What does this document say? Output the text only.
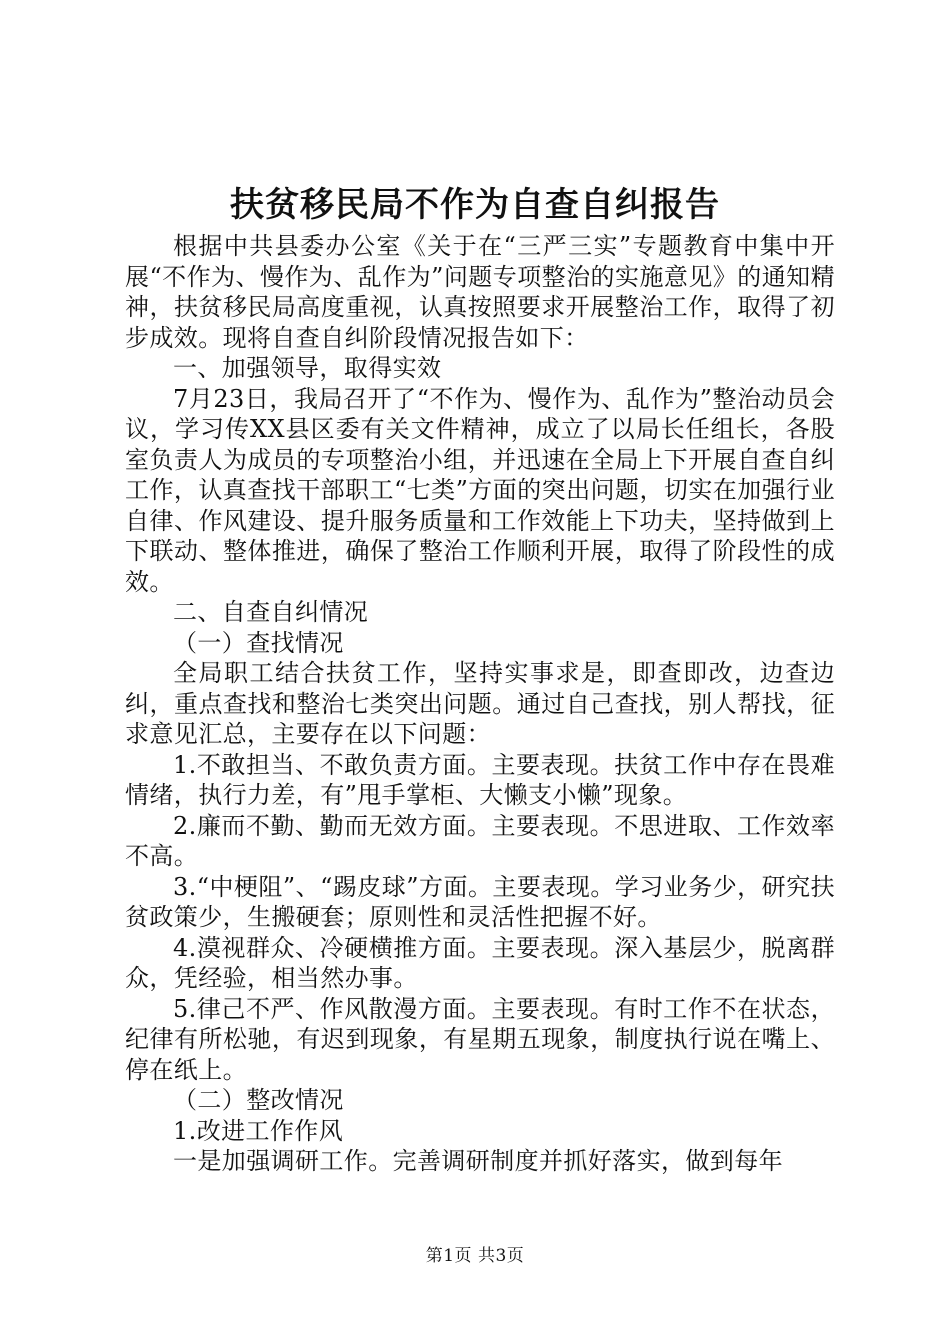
扶贫移民局不作为自查自纠报告

根据中共县委办公室《关于在“三严三实”专题教育中集中开展“不作为、慢作为、乱作为”问题专项整治的实施意见》的通知精神，扶贫移民局高度重视，认真按照要求开展整治工作，取得了初步成效。现将自查自纠阶段情况报告如下：

一、加强领导，取得实效

7月23日，我局召开了“不作为、慢作为、乱作为”整治动员会议，学习传XX县区委有关文件精神，成立了以局长任组长，各股室负责人为成员的专项整治小组，并迅速在全局上下开展自查自纠工作，认真查找干部职工“七类”方面的突出问题，切实在加强行业自律、作风建设、提升服务质量和工作效能上下功夫，坚持做到上下联动、整体推进，确保了整治工作顺利开展，取得了阶段性的成效。

二、自查自纠情况

（一）查找情况

全局职工结合扶贫工作，坚持实事求是，即查即改，边查边纠，重点查找和整治七类突出问题。通过自己查找，别人帮找，征求意见汇总，主要存在以下问题：

1.不敢担当、不敢负责方面。主要表现。扶贫工作中存在畏难情绪，执行力差，有”甩手掌柜、大懒支小懒”现象。

2.廉而不勤、勤而无效方面。主要表现。不思进取、工作效率不高。

3.“中梗阻”、“踢皮球”方面。主要表现。学习业务少，研究扶贫政策少，生搬硬套；原则性和灵活性把握不好。

4.漠视群众、冷硬横推方面。主要表现。深入基层少，脱离群众，凭经验，相当然办事。

5.律己不严、作风散漫方面。主要表现。有时工作不在状态，纪律有所松驰，有迟到现象，有星期五现象，制度执行说在嘴上、停在纸上。

（二）整改情况

1.改进工作作风

一是加强调研工作。完善调研制度并抓好落实，做到每年

第1页 共3页
